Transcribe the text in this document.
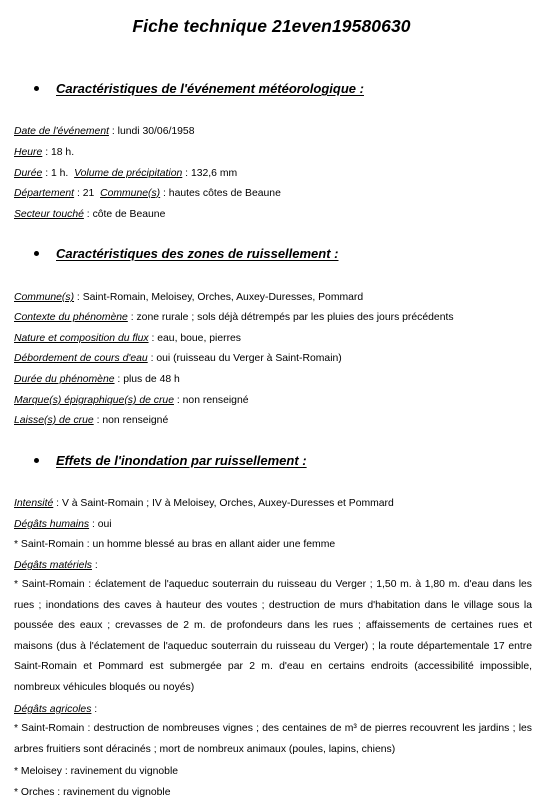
Fiche technique 21even19580630
Caractéristiques de l'événement météorologique :
Date de l'événement : lundi 30/06/1958
Heure : 18 h.
Durée : 1 h.  Volume de précipitation : 132,6 mm
Département : 21  Commune(s) : hautes côtes de Beaune
Secteur touché : côte de Beaune
Caractéristiques des zones de ruissellement :
Commune(s) : Saint-Romain, Meloisey, Orches, Auxey-Duresses, Pommard
Contexte du phénomène : zone rurale ; sols déjà détrempés par les pluies des jours précédents
Nature et composition du flux : eau, boue, pierres
Débordement de cours d'eau : oui (ruisseau du Verger à Saint-Romain)
Durée du phénomène : plus de 48 h
Marque(s) épigraphique(s) de crue : non renseigné
Laisse(s) de crue : non renseigné
Effets de l'inondation par ruissellement :
Intensité : V à Saint-Romain ; IV à Meloisey, Orches, Auxey-Duresses et Pommard
Dégâts humains : oui
* Saint-Romain : un homme blessé au bras en allant aider une femme
Dégâts matériels :
* Saint-Romain : éclatement de l'aqueduc souterrain du ruisseau du Verger ; 1,50 m. à 1,80 m. d'eau dans les rues ; inondations des caves à hauteur des voutes ; destruction de murs d'habitation dans le village sous la poussée des eaux ; crevasses de 2 m. de profondeurs dans les rues ; affaissements de certaines rues et maisons (dus à l'éclatement de l'aqueduc souterrain du ruisseau du Verger) ; la route départementale 17 entre Saint-Romain et Pommard est submergée par 2 m. d'eau en certains endroits (accessibilité impossible, nombreux véhicules bloqués ou noyés)
Dégâts agricoles :
* Saint-Romain : destruction de nombreuses vignes ; des centaines de m³ de pierres recouvrent les jardins ; les arbres fruitiers sont déracinés ; mort de nombreux animaux (poules, lapins, chiens)
* Meloisey : ravinement du vignoble
* Orches : ravinement du vignoble
